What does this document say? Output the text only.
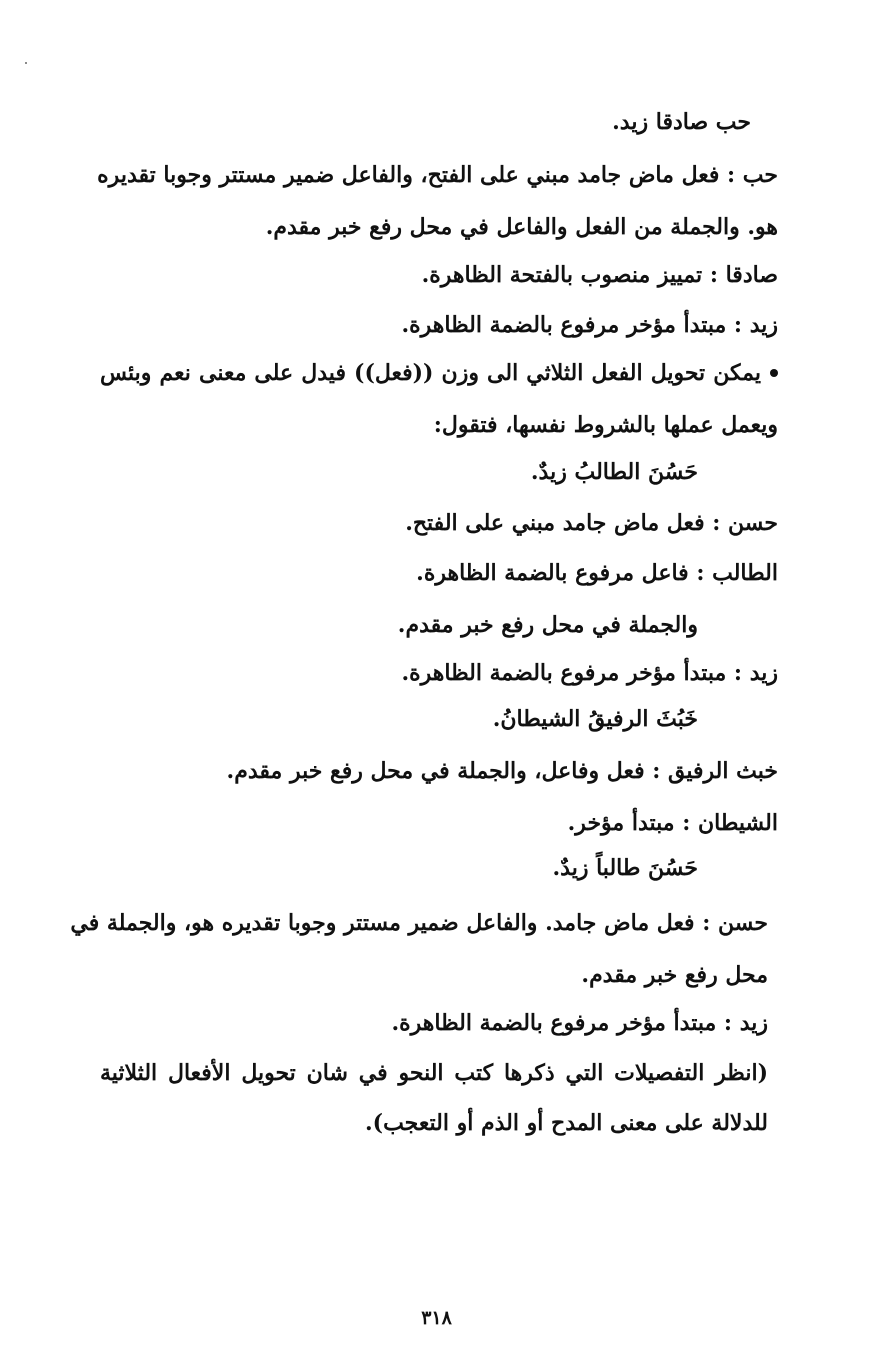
حب صادقا زيد.
حب : فعل ماض جامد مبني على الفتح، والفاعل ضمير مستتر وجوبا تقديره
هو. والجملة من الفعل والفاعل في محل رفع خبر مقدم.
صادقا : تمييز منصوب بالفتحة الظاهرة.
زيد : مبتدأ مؤخر مرفوع بالضمة الظاهرة.
يمكن تحويل الفعل الثلاثي الى وزن ((فعل)) فيدل على معنى نعم وبئس
ويعمل عملها بالشروط نفسها، فتقول:
حَسُنَ الطالبُ زيدٌ.
حسن : فعل ماض جامد مبني على الفتح.
الطالب : فاعل مرفوع بالضمة الظاهرة.
والجملة في محل رفع خبر مقدم.
زيد : مبتدأ مؤخر مرفوع بالضمة الظاهرة.
خَبُثَ الرفيقُ الشيطانُ.
خبث الرفيق : فعل وفاعل، والجملة في محل رفع خبر مقدم.
الشيطان : مبتدأ مؤخر.
حَسُنَ طالباً زيدٌ.
حسن : فعل ماض جامد. والفاعل ضمير مستتر وجوبا تقديره هو، والجملة في
محل رفع خبر مقدم.
زيد : مبتدأ مؤخر مرفوع بالضمة الظاهرة.
(انظر التفصيلات التي ذكرها كتب النحو في شان تحويل الأفعال الثلاثية
للدلالة على معنى المدح أو الذم أو التعجب).
٣١٨
